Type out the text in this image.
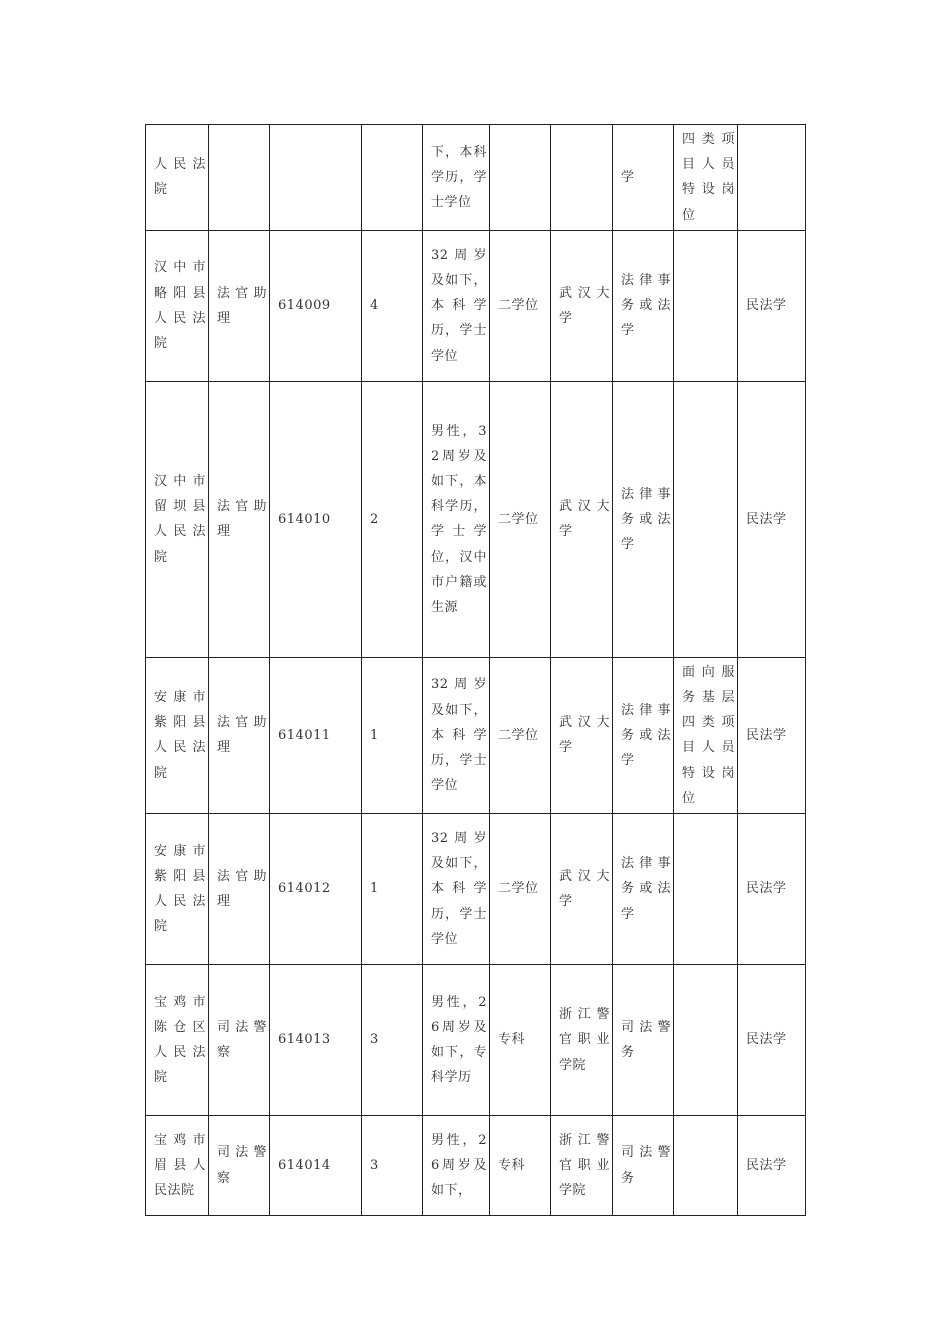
人民法院				下，本科学历，学士学位			学	四类项目人员特设岗位	
汉中市略阳县人民法院	法官助理	614009	4	32周岁及如下，本科学历，学士学位	二学位	武汉大学	法律事务或法学		民法学
汉中市留坝县人民法院	法官助理	614010	2	男性，32周岁及如下，本科学历，学士学位，汉中市户籍或生源	二学位	武汉大学	法律事务或法学		民法学
安康市紫阳县人民法院	法官助理	614011	1	32周岁及如下，本科学历，学士学位	二学位	武汉大学	法律事务或法学	面向服务基层四类项目人员特设岗位	民法学
安康市紫阳县人民法院	法官助理	614012	1	32周岁及如下，本科学历，学士学位	二学位	武汉大学	法律事务或法学		民法学
宝鸡市陈仓区人民法院	司法警察	614013	3	男性，26周岁及如下，专科学历	专科	浙江警官职业学院	司法警务		民法学
宝鸡市眉县人民法院	司法警察	614014	3	男性，26周岁及如下，	专科	浙江警官职业学院	司法警务		民法学
